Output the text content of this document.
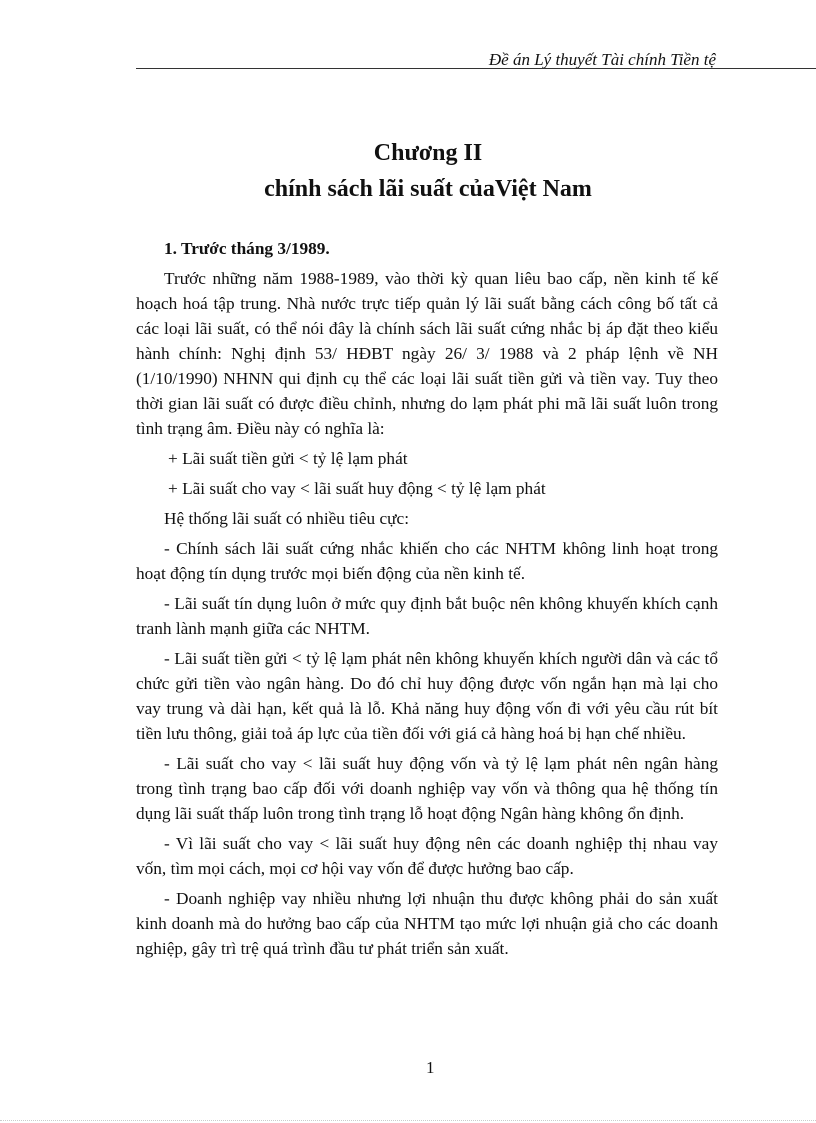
Đề án Lý thuyết Tài chính Tiền tệ
Chương II
chính sách lãi suất củaViệt Nam
1. Trước tháng 3/1989.

Trước những năm 1988-1989, vào thời kỳ quan liêu bao cấp, nền kinh tế kế hoạch hoá tập trung. Nhà nước trực tiếp quản lý lãi suất bằng cách công bố tất cả các loại lãi suất, có thể nói đây là chính sách lãi suất cứng nhắc bị áp đặt theo kiểu hành chính: Nghị định 53/ HĐBT ngày 26/ 3/ 1988 và 2 pháp lệnh về NH (1/10/1990) NHNN qui định cụ thể các loại lãi suất tiền gửi và tiền vay. Tuy theo thời gian lãi suất có được điều chỉnh, nhưng do lạm phát phi mã lãi suất luôn trong tình trạng âm. Điều này có nghĩa là:

+ Lãi suất tiền gửi < tỷ lệ lạm phát

+ Lãi suất cho vay < lãi suất huy động < tỷ lệ lạm phát

Hệ thống lãi suất có nhiều tiêu cực:

- Chính sách lãi suất cứng nhắc khiến cho các NHTM không linh hoạt trong hoạt động tín dụng trước mọi biến động của nền kinh tế.

- Lãi suất tín dụng luôn ở mức quy định bắt buộc nên không khuyến khích cạnh tranh lành mạnh giữa các NHTM.

- Lãi suất tiền gửi < tỷ lệ lạm phát nên không khuyến khích người dân và các tổ chức gửi tiền vào ngân hàng. Do đó chỉ huy động được vốn ngắn hạn mà lại cho vay trung và dài hạn, kết quả là lỗ. Khả năng huy động vốn đi với yêu cầu rút bít tiền lưu thông, giải toả áp lực của tiền đối với giá cả hàng hoá bị hạn chế nhiều.

- Lãi suất cho vay < lãi suất huy động vốn và tỷ lệ lạm phát nên ngân hàng trong tình trạng bao cấp đối với doanh nghiệp vay vốn và thông qua hệ thống tín dụng lãi suất thấp luôn trong tình trạng lỗ hoạt động Ngân hàng không ổn định.

- Vì lãi suất cho vay < lãi suất huy động nên các doanh nghiệp thị nhau vay vốn, tìm mọi cách, mọi cơ hội vay vốn để được hưởng bao cấp.

- Doanh nghiệp vay nhiều nhưng lợi nhuận thu được không phải do sản xuất kinh doanh mà do hưởng bao cấp của NHTM tạo mức lợi nhuận giả cho các doanh nghiệp, gây trì trệ quá trình đầu tư phát triển sản xuất.

1
